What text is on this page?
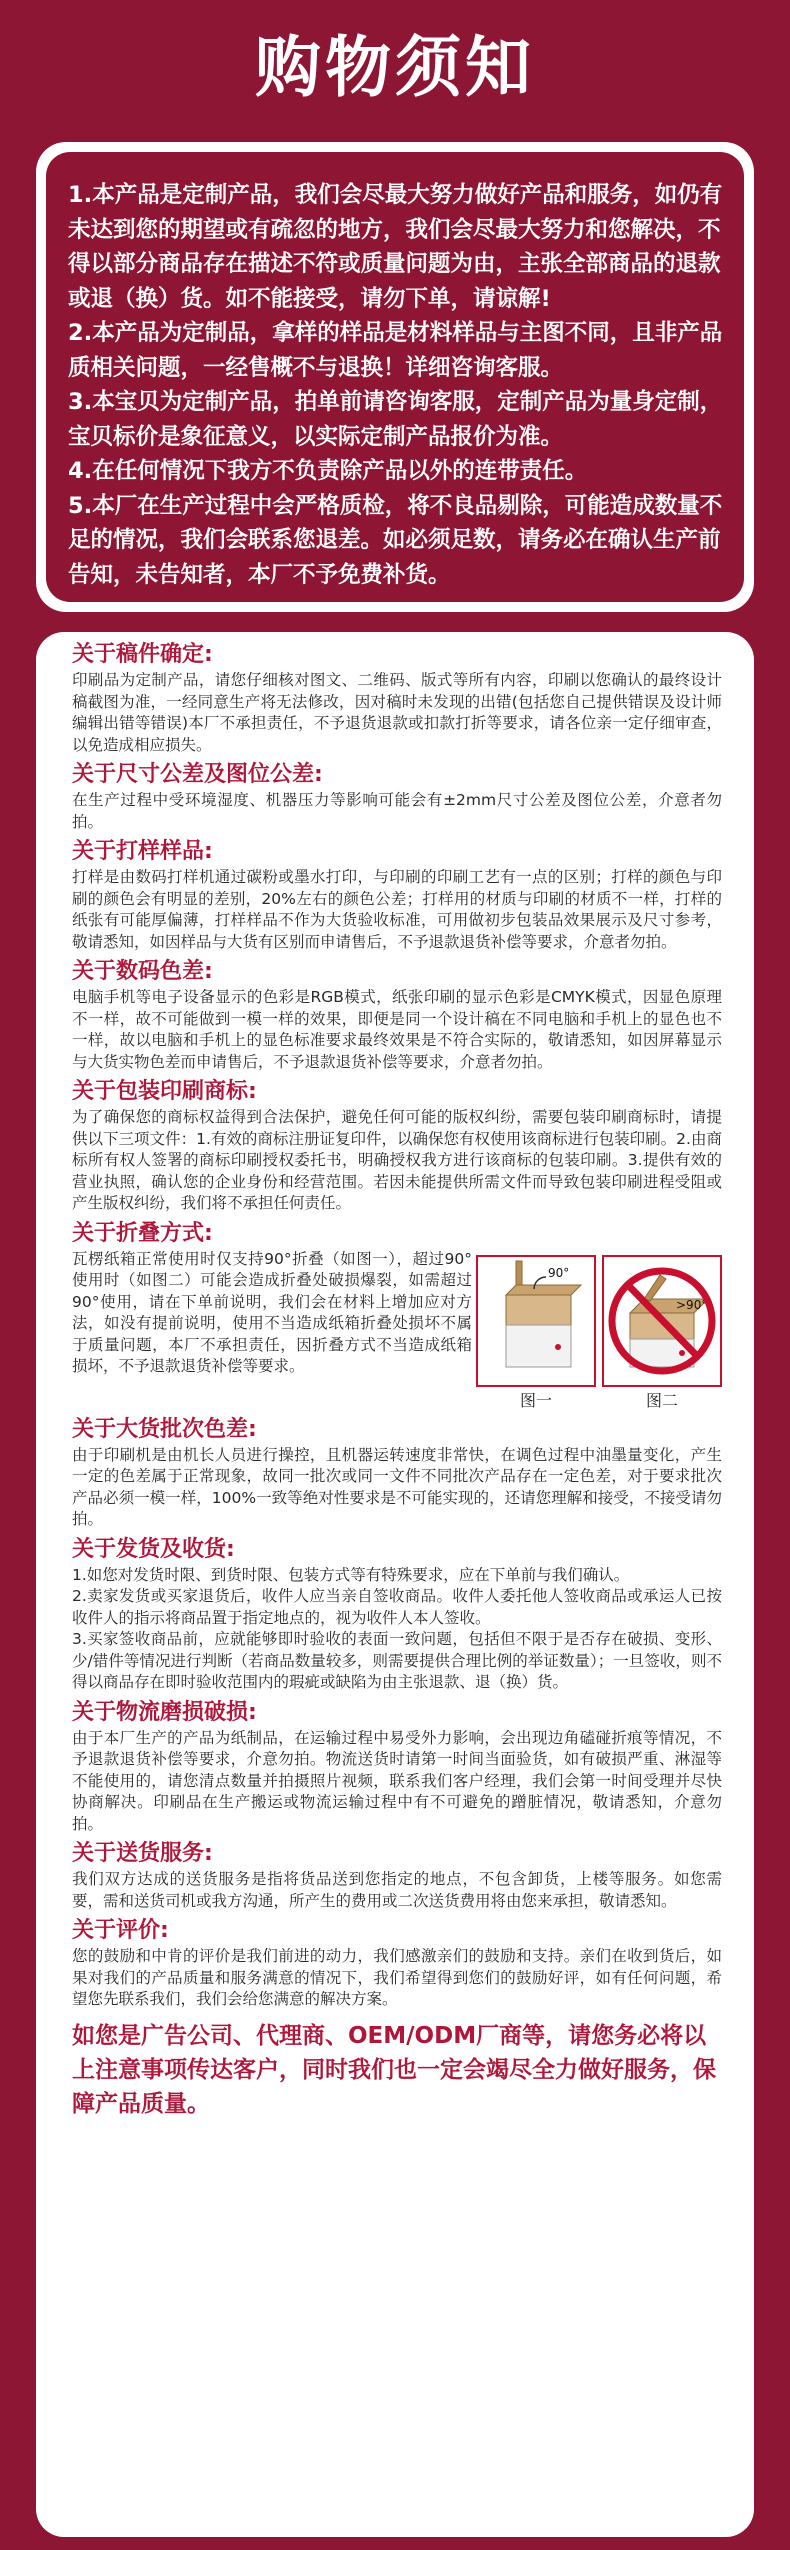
购物须知

1.本产品是定制产品，我们会尽最大努力做好产品和服务，如仍有未达到您的期望或有疏忽的地方，我们会尽最大努力和您解决，不得以部分商品存在描述不符或质量问题为由，主张全部商品的退款或退（换）货。如不能接受，请勿下单，请谅解!

2.本产品为定制品，拿样的样品是材料样品与主图不同，且非产品质相关问题，一经售概不与退换！详细咨询客服。

3.本宝贝为定制产品，拍单前请咨询客服，定制产品为量身定制，宝贝标价是象征意义，以实际定制产品报价为准。

4.在任何情况下我方不负责除产品以外的连带责任。

5.本厂在生产过程中会严格质检，将不良品剔除，可能造成数量不足的情况，我们会联系您退差。如必须足数，请务必在确认生产前告知，未告知者，本厂不予免费补货。

关于稿件确定:

印刷品为定制产品，请您仔细核对图文、二维码、版式等所有内容，印刷以您确认的最终设计稿截图为准，一经同意生产将无法修改，因对稿时未发现的出错(包括您自己提供错误及设计师编辑出错等错误)本厂不承担责任，不予退货退款或扣款打折等要求，请各位亲一定仔细审查，以免造成相应损失。

关于尺寸公差及图位公差:

在生产过程中受环境湿度、机器压力等影响可能会有±2mm尺寸公差及图位公差，介意者勿拍。

关于打样样品:

打样是由数码打样机通过碳粉或墨水打印，与印刷的印刷工艺有一点的区别；打样的颜色与印刷的颜色会有明显的差别，20%左右的颜色公差；打样用的材质与印刷的材质不一样，打样的纸张有可能厚偏薄，打样样品不作为大货验收标准，可用做初步包装品效果展示及尺寸参考，敬请悉知，如因样品与大货有区别而申请售后，不予退款退货补偿等要求，介意者勿拍。

关于数码色差:

电脑手机等电子设备显示的色彩是RGB模式，纸张印刷的显示色彩是CMYK模式，因显色原理不一样，故不可能做到一模一样的效果，即便是同一个设计稿在不同电脑和手机上的显色也不一样，故以电脑和手机上的显色标准要求最终效果是不符合实际的，敬请悉知，如因屏幕显示与大货实物色差而申请售后，不予退款退货补偿等要求，介意者勿拍。

关于包装印刷商标:

为了确保您的商标权益得到合法保护，避免任何可能的版权纠纷，需要包装印刷商标时，请提供以下三项文件：1.有效的商标注册证复印件，以确保您有权使用该商标进行包装印刷。2.由商标所有权人签署的商标印刷授权委托书，明确授权我方进行该商标的包装印刷。3.提供有效的营业执照，确认您的企业身份和经营范围。若因未能提供所需文件而导致包装印刷进程受阻或产生版权纠纷，我们将不承担任何责任。

关于折叠方式:

瓦楞纸箱正常使用时仅支持90°折叠（如图一），超过90°使用时（如图二）可能会造成折叠处破损爆裂，如需超过90°使用，请在下单前说明，我们会在材料上增加应对方法，如没有提前说明，使用不当造成纸箱折叠处损坏不属于质量问题，本厂不承担责任，因折叠方式不当造成纸箱损坏，不予退款退货补偿等要求。

90°
图一
>90°
图二
关于大货批次色差:

由于印刷机是由机长人员进行操控，且机器运转速度非常快，在调色过程中油墨量变化，产生一定的色差属于正常现象，故同一批次或同一文件不同批次产品存在一定色差，对于要求批次产品必须一模一样，100%一致等绝对性要求是不可能实现的，还请您理解和接受，不接受请勿拍。

关于发货及收货:

1.如您对发货时限、到货时限、包装方式等有特殊要求，应在下单前与我们确认。
2.卖家发货或买家退货后，收件人应当亲自签收商品。收件人委托他人签收商品或承运人已按收件人的指示将商品置于指定地点的，视为收件人本人签收。
3.买家签收商品前，应就能够即时验收的表面一致问题，包括但不限于是否存在破损、变形、少/错件等情况进行判断（若商品数量较多，则需要提供合理比例的举证数量）；一旦签收，则不得以商品存在即时验收范围内的瑕疵或缺陷为由主张退款、退（换）货。

关于物流磨损破损:

由于本厂生产的产品为纸制品，在运输过程中易受外力影响，会出现边角磕碰折痕等情况，不予退款退货补偿等要求，介意勿拍。物流送货时请第一时间当面验货，如有破损严重、淋湿等不能使用的，请您清点数量并拍摄照片视频，联系我们客户经理，我们会第一时间受理并尽快协商解决。印刷品在生产搬运或物流运输过程中有不可避免的蹭脏情况，敬请悉知，介意勿拍。

关于送货服务:

我们双方达成的送货服务是指将货品送到您指定的地点，不包含卸货，上楼等服务。如您需要，需和送货司机或我方沟通，所产生的费用或二次送货费用将由您来承担，敬请悉知。

关于评价:

您的鼓励和中肯的评价是我们前进的动力，我们感激亲们的鼓励和支持。亲们在收到货后，如果对我们的产品质量和服务满意的情况下，我们希望得到您们的鼓励好评，如有任何问题，希望您先联系我们，我们会给您满意的解决方案。

如您是广告公司、代理商、OEM/ODM厂商等，请您务必将以上注意事项传达客户，同时我们也一定会竭尽全力做好服务，保障产品质量。
